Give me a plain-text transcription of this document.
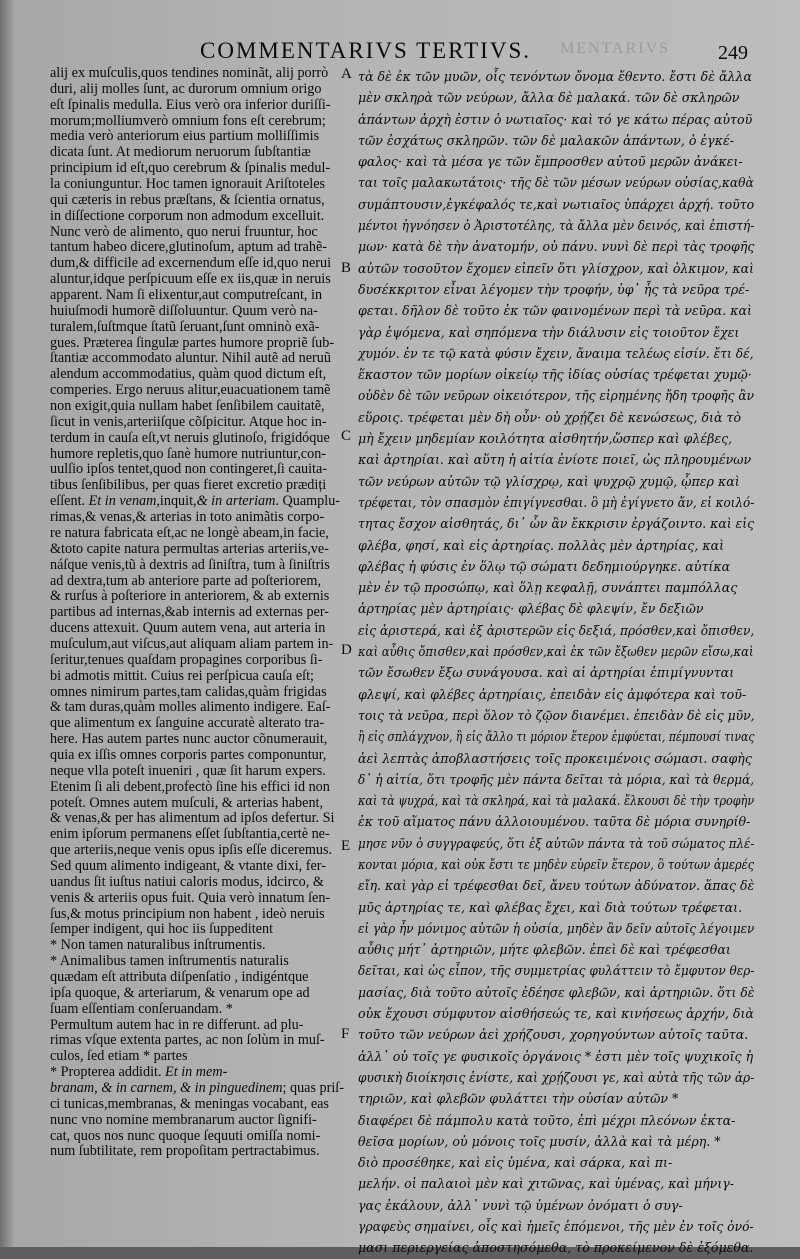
COMMENTARIVS TERTIVS. MENTARIVS 249
alij ex muſculis,quos tendines nominãt, alij porrò
duri, alij molles ſunt, ac durorum omnium origo
eſt ſpinalis medulla. Eius verò ora inferior duriſſi-
morum;molliumverò omnium fons eſt cerebrum;
media verò anteriorum eius partium molliſſimis
dicata ſunt. At mediorum neruorum ſubſtantiæ
principium id eſt,quo cerebrum & ſpinalis medul-
la coniunguntur. Hoc tamen ignorauit Ariſtoteles
qui cæteris in rebus præſtans, & ſcientia ornatus,
in diſſectione corporum non admodum excelluit.
Nunc verò de alimento, quo nerui fruuntur, hoc
tantum habeo dicere,glutinoſum, aptum ad trahẽ-
dum,& difficile ad excernendum eſſe id,quo nerui
aluntur,idque perſpicuum eſſe ex iis,quæ in neruis
apparent. Nam ſi elixentur,aut computreſcant, in
huiuſmodi humorẽ diſſoluuntur. Quum verò na-
turalem,ſuſtmque ſtatũ ſeruant,ſunt omninò exã-
gues. Præterea ſingulæ partes humore propriẽ ſub-
ſtantiæ accommodato aluntur. Nihil autẽ ad neruũ
alendum accommodatius, quàm quod dictum eſt,
comperies. Ergo neruus alitur,euacuationem tamẽ
non exigit,quia nullam habet ſenſibilem cauitatẽ,
ſicut in venis,arteriiſque cõſpicitur. Atque hoc in-
terdum in cauſa eſt,vt neruis glutinoſo, frigidóque
humore repletis,quo ſanè humore nutriuntur,con-
uulſio ipſos tentet,quod non contingeret,ſi cauita-
tibus ſenſibilibus, per quas fieret excretio prædiți
eſſent. Et in venam,inquit,& in arteriam. Quamplu-
rimas,& venas,& arterias in toto animãtis corpo-
re natura fabricata eſt,ac ne longè abeam,in facie,
&toto capite natura permultas arterias arteriis,ve-
náſque venis,tũ à dextris ad ſiniſtra, tum à ſiniſtris
ad dextra,tum ab anteriore parte ad poſteriorem,
& rurſus à poſteriore in anteriorem, & ab externis
partibus ad internas,&ab internis ad externas per-
ducens attexuit. Quum autem vena, aut arteria in
muſculum,aut viſcus,aut aliquam aliam partem in-
ſeritur,tenues quaſdam propagines corporibus ſi-
bi admotis mittit. Cuius rei perſpicua cauſa eſt;
omnes nimirum partes,tam calidas,quàm frigidas
& tam duras,quàm molles alimento indigere. Eaſ-
que alimentum ex ſanguine accuratè alterato tra-
here. Has autem partes nunc auctor cõnumerauit,
quia ex iſſis omnes corporis partes componuntur,
neque vlla poteſt inueniri , quæ ſit harum expers.
Etenim ſi ali debent,profectò ſine his effici id non
poteſt. Omnes autem muſculi, & arterias habent,
& venas,& per has alimentum ad ipſos defertur. Si
enim ipſorum permanens eſſet ſubſtantia,certè ne-
que arteriis,neque venis opus ipſis eſſe diceremus.
Sed quum alimento indigeant, & vtante dixi, fer-
uandus ſit iuſtus natiui caloris modus, idcirco, &
venis & arteriis opus fuit. Quia verò innatum ſen-
ſus,& motus principium non habent , ideò neruis
ſemper indigent, qui hoc iis ſuppeditent
* Non tamen naturalibus inſtrumentis.
* Animalibus tamen inſtrumentis naturalis
quædam eſt attributa diſpenſatio , indigéntque
ipſa quoque, & arteriarum, & venarum ope ad
ſuam eſſentiam conſeruandam. *
Permultum autem hac in re differunt. ad plu-
rimas vſque extenta partes, ac non ſolùm in muſ-
culos, ſed etiam * partes
* Propterea addidit. Et in mem-
branam, & in carnem, & in pinguedinem; quas priſ-
ci tunicas,membranas, & meningas vocabant, eas
nunc vno nomine membranarum auctor ſignifi-
cat, quos nos nunc quoque ſequuti omiſſa nomi-
num ſubtilitate, rem propoſitam pertractabimus.
A
B
C
D
E
F
τὰ δὲ ἐκ τῶν μυῶν, οἷς τενόντων ὄνομα ἔθεντο. ἔστι δὲ ἄλλα
μὲν σκληρὰ τῶν νεύρων, ἄλλα δὲ μαλακά. τῶν δὲ σκληρῶν
ἁπάντων ἀρχὴ ἐστιν ὁ νωτιαῖος· καὶ τό γε κάτω πέρας αὐτοῦ
τῶν ἐσχάτως σκληρῶν. τῶν δὲ μαλακῶν ἁπάντων, ὁ ἐγκέ-
φαλος· καὶ τὰ μέσα γε τῶν ἔμπροσθεν αὐτοῦ μερῶν ἀνάκει-
ται τοῖς μαλακωτάτοις· τῆς δὲ τῶν μέσων νεύρων οὐσίας,καθὰ
συμάπτουσιν,ἐγκέφαλός τε,καὶ νωτιαῖος ὑπάρχει ἀρχή. τοῦτο
μέντοι ἠγνόησεν ὁ Ἀριστοτέλης, τὰ ἄλλα μὲν δεινός, καὶ ἐπιστή-
μων· κατὰ δὲ τὴν ἀνατομήν, οὐ πάνυ. νυνὶ δὲ περὶ τὰς τροφῆς
αὐτῶν τοσοῦτον ἔχομεν εἰπεῖν ὅτι γλίσχρον, καὶ ὁλκιμον, καὶ
δυσέκκριτον εἶναι λέγομεν τὴν τροφήν, ὑφ᾽ ἧς τὰ νεῦρα τρέ-
φεται. δῆλον δὲ τοῦτο ἐκ τῶν φαινομένων περὶ τὰ νεῦρα. καὶ
γὰρ ἑψόμενα, καὶ σηπόμενα τὴν διάλυσιν εἰς τοιοῦτον ἔχει
χυμόν. ἐν τε τῷ κατὰ φύσιν ἔχειν, ἄναιμα τελέως εἰσίν. ἔτι δέ,
ἕκαστον τῶν μορίων οἰκείῳ τῆς ἰδίας οὐσίας τρέφεται χυμῷ·
οὐδὲν δὲ τῶν νεῦρων οἰκειότερον, τῆς εἰρημένης ἤδη τροφῆς ἂν
εὕροις. τρέφεται μὲν δὴ οὖν· οὐ χρῄζει δὲ κενώσεως, διὰ τὸ
μὴ ἔχειν μηδεμίαν κοιλότητα αἰσθητήν,ὥσπερ καὶ φλέβες,
καὶ ἀρτηρίαι. καὶ αὕτη ἡ αἰτία ἐνίοτε ποιεῖ, ὡς πληρουμένων
τῶν νεύρων αὐτῶν τῷ γλίσχρῳ, καὶ ψυχρῷ χυμῷ, ᾧπερ καὶ
τρέφεται, τὸν σπασμὸν ἐπιγίγνεσθαι. ὃ μὴ ἐγίγνετο ἄν, εἰ κοιλό-
τητας ἔσχον αἰσθητάς, δι᾽ ὧν ἂν ἔκκρισιν ἐργάζοιντο. καὶ εἰς
φλέβα, φησί, καὶ εἰς ἀρτηρίας. πολλὰς μὲν ἀρτηρίας, καὶ
φλέβας ἡ φύσις ἐν ὅλῳ τῷ σώματι δεδημιούργηκε. αὐτίκα
μὲν ἐν τῷ προσώπῳ, καὶ ὅλῃ κεφαλῇ, συνάπτει παμπόλλας
ἀρτηρίας μὲν ἀρτηρίαις· φλέβας δὲ φλεψίν, ἔν δεξιῶν
εἰς ἀριστερά, καὶ ἐξ ἀριστερῶν εἰς δεξιά, πρόσθεν,καὶ ὄπισθεν,
καὶ αὖθις ὄπισθεν,καὶ πρόσθεν,καὶ ἐκ τῶν ἔξωθεν μερῶν εἴσω,καὶ
τῶν ἔσωθεν ἔξω συνάγουσα. καὶ αἱ ἀρτηρίαι ἐπιμίγνυνται
φλεψί, καὶ φλέβες ἀρτηρίαις, ἐπειδὰν εἰς ἀμφότερα καὶ τοῦ-
τοις τὰ νεῦρα, περὶ ὅλον τὸ ζῷον διανέμει. ἐπειδὰν δὲ εἰς μῦν,
ἢ εἰς σπλάγχνον, ἢ εἰς ἄλλο τι μόριον ἕτερον ἐμφύεται, πέμπουσί τινας
ἀεὶ λεπτὰς ἀποβλαστήσεις τοῖς προκειμένοις σώμασι. σαφὴς
δ᾽ ἡ αἰτία, ὅτι τροφῆς μὲν πάντα δεῖται τὰ μόρια, καὶ τὰ θερμά,
καὶ τὰ ψυχρά, καὶ τὰ σκληρά, καὶ τὰ μαλακά. ἕλκουσι δὲ τὴν τροφὴν
ἐκ τοῦ αἵματος πάνυ ἀλλοιουμένου. ταῦτα δὲ μόρια συνηρίθ-
μησε νῦν ὁ συγγραφεύς, ὅτι ἐξ αὐτῶν πάντα τὰ τοῦ σώματος πλέ-
κονται μόρια, καὶ οὐκ ἔστι τε μηδὲν εὑρεῖν ἕτερον, ὃ τούτων ἀμερές
εἴη. καὶ γὰρ εἰ τρέφεσθαι δεῖ, ἄνευ τούτων ἀδύνατον. ἅπας δὲ
μῦς ἀρτηρίας τε, καὶ φλέβας ἔχει, καὶ διὰ τούτων τρέφεται.
εἰ γὰρ ἦν μόνιμος αὐτῶν ἡ οὐσία, μηδὲν ἂν δεῖν αὐτοῖς λέγοιμεν
αὖθις μήτ᾽ ἀρτηριῶν, μήτε φλεβῶν. ἐπεὶ δὲ καὶ τρέφεσθαι
δεῖται, καὶ ὡς εἶπον, τῆς συμμετρίας φυλάττειν τὸ ἔμφυτον θερ-
μασίας, διὰ τοῦτο αὐτοῖς ἐδέησε φλεβῶν, καὶ ἀρτηριῶν. ὅτι δὲ
οὐκ ἔχουσι σύμφυτον αἰσθήσεώς τε, καὶ κινήσεως ἀρχήν, διὰ
τοῦτο τῶν νεύρων ἀεὶ χρήζουσι, χορηγούντων αὐτοῖς ταῦτα.
ἀλλ᾽ οὐ τοῖς γε φυσικοῖς ὀργάνοις * ἐστι μὲν τοῖς ψυχικοῖς ἡ
φυσικὴ διοίκησις ἐνίστε, καὶ χρῄζουσι γε, καὶ αὐτὰ τῆς τῶν ἀρ-
τηριῶν, καὶ φλεβῶν φυλάττει τὴν οὐσίαν αὐτῶν *
διαφέρει δὲ πάμπολυ κατὰ τοῦτο, ἐπὶ μέχρι πλεόνων ἐκτα-
θεῖσα μορίων, οὐ μόνοις τοῖς μυσίν, ἀλλὰ καὶ τὰ μέρη. *
διὸ προσέθηκε, καὶ εἰς ὑμένα, καὶ σάρκα, καὶ πι-
μελήν. οἱ παλαιοὶ μὲν καὶ χιτῶνας, καὶ ὑμένας, καὶ μήνιγ-
γας ἐκάλουν, ἀλλ᾽ νυνὶ τῷ ὑμένων ὀνόματι ὁ συγ-
γραφεὺς σημαίνει, οἷς καὶ ἡμεῖς ἑπόμενοι, τῆς μὲν ἐν τοῖς ὀνό-
μασι περιεργείας ἀποστησόμεθα, τὸ προκείμενον δὲ ἐξόμεθα.
